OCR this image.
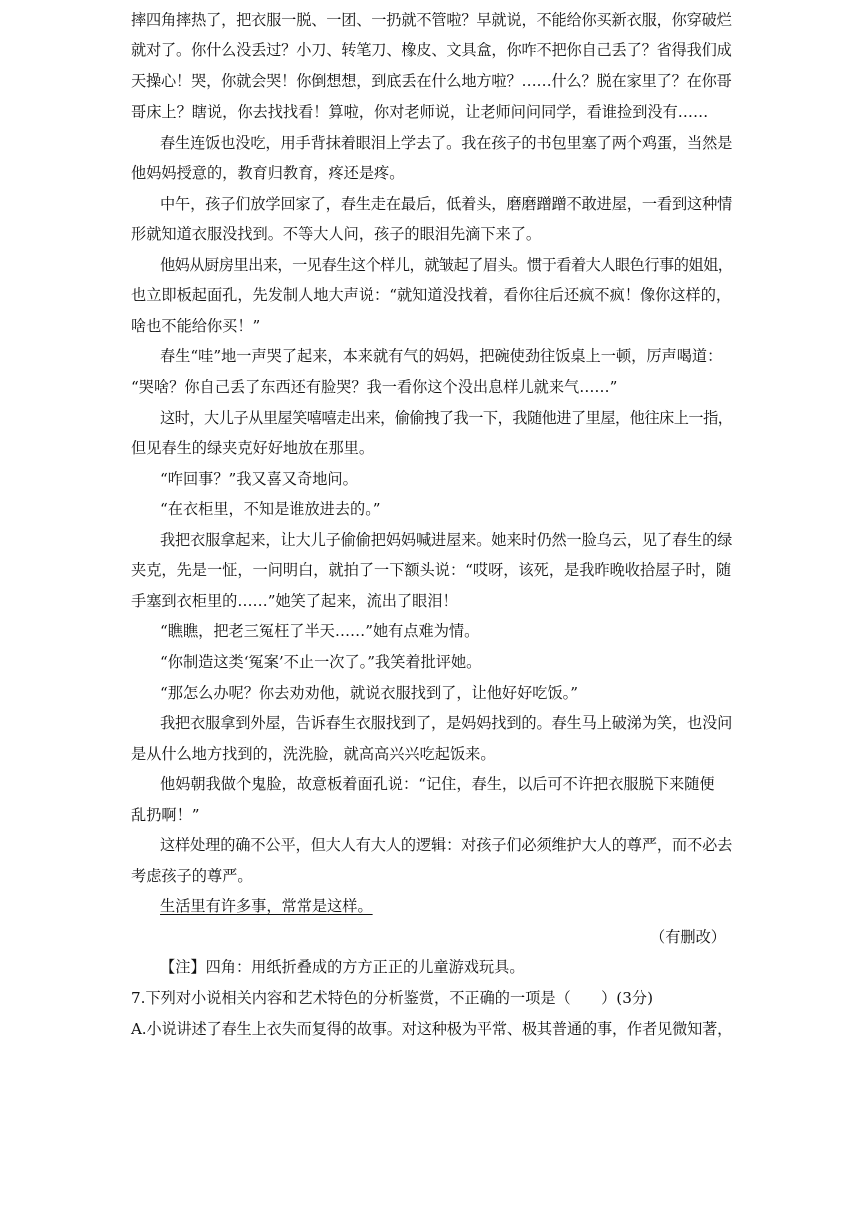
摔四角摔热了，把衣服一脱、一团、一扔就不管啦？早就说，不能给你买新衣服，你穿破烂
就对了。你什么没丢过？小刀、转笔刀、橡皮、文具盒，你咋不把你自己丢了？省得我们成
天操心！哭，你就会哭！你倒想想，到底丢在什么地方啦？……什么？脱在家里了？在你哥
哥床上？瞎说，你去找找看！算啦，你对老师说，让老师问问同学，看谁捡到没有……
春生连饭也没吃，用手背抹着眼泪上学去了。我在孩子的书包里塞了两个鸡蛋，当然是
他妈妈授意的，教育归教育，疼还是疼。
中午，孩子们放学回家了，春生走在最后，低着头，磨磨蹭蹭不敢进屋，一看到这种情
形就知道衣服没找到。不等大人问，孩子的眼泪先滴下来了。
他妈从厨房里出来，一见春生这个样儿，就皱起了眉头。惯于看着大人眼色行事的姐姐，
也立即板起面孔，先发制人地大声说：“就知道没找着，看你往后还疯不疯！像你这样的，
啥也不能给你买！”
春生“哇”地一声哭了起来，本来就有气的妈妈，把碗使劲往饭桌上一顿，厉声喝道：
“哭啥？你自己丢了东西还有脸哭？我一看你这个没出息样儿就来气……”
这时，大儿子从里屋笑嘻嘻走出来，偷偷拽了我一下，我随他进了里屋，他往床上一指，
但见春生的绿夹克好好地放在那里。
“咋回事？”我又喜又奇地问。
“在衣柜里，不知是谁放进去的。”
我把衣服拿起来，让大儿子偷偷把妈妈喊进屋来。她来时仍然一脸乌云，见了春生的绿
夹克，先是一怔，一问明白，就拍了一下额头说：“哎呀，该死，是我昨晚收拾屋子时，随
手塞到衣柜里的……”她笑了起来，流出了眼泪！
“瞧瞧，把老三冤枉了半天……”她有点难为情。
“你制造这类‘冤案’不止一次了。”我笑着批评她。
“那怎么办呢？你去劝劝他，就说衣服找到了，让他好好吃饭。”
我把衣服拿到外屋，告诉春生衣服找到了，是妈妈找到的。春生马上破涕为笑，也没问
是从什么地方找到的，洗洗脸，就高高兴兴吃起饭来。
他妈朝我做个鬼脸，故意板着面孔说：“记住，春生，以后可不许把衣服脱下来随便
乱扔啊！”
这样处理的确不公平，但大人有大人的逻辑：对孩子们必须维护大人的尊严，而不必去
考虑孩子的尊严。
生活里有许多事，常常是这样。
（有删改）
【注】四角：用纸折叠成的方方正正的儿童游戏玩具。
7.下列对小说相关内容和艺术特色的分析鉴赏，不正确的一项是（　　）(3分)
A.小说讲述了春生上衣失而复得的故事。对这种极为平常、极其普通的事，作者见微知著，
